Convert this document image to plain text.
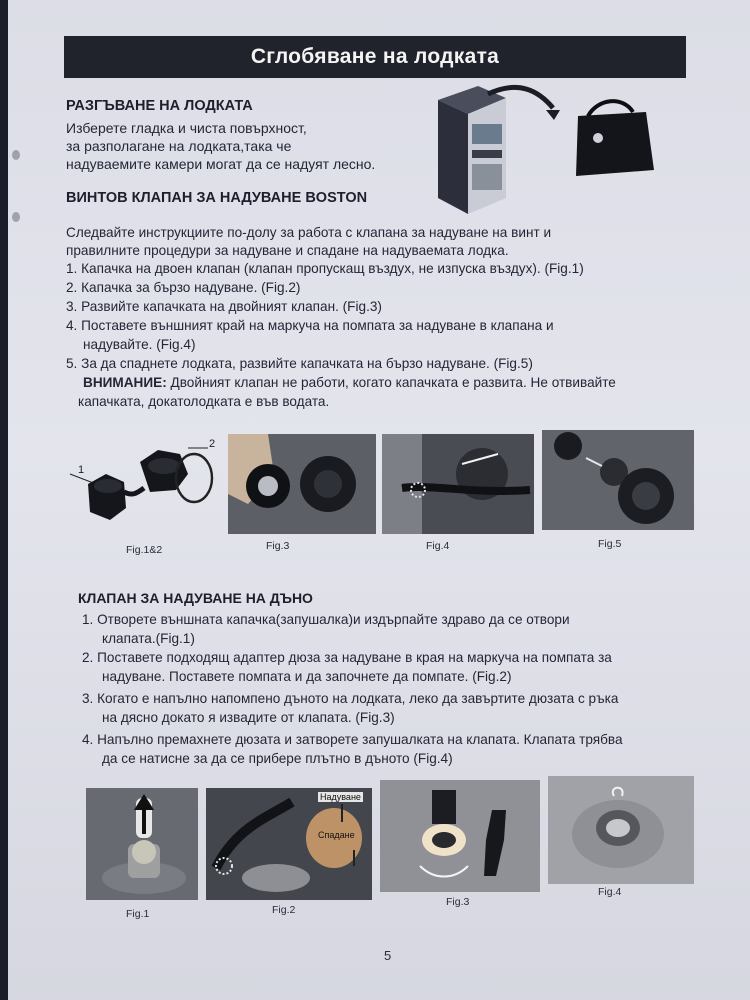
Сглобяване на лодката
РАЗГЪВАНЕ НА ЛОДКАТА
Изберете гладка и чиста повърхност,
за разполагане на лодката,така че
надуваемите камери могат да се надуят лесно.
ВИНТОВ КЛАПАН ЗА НАДУВАНЕ BOSTON
Следвайте инструкциите по-долу за работа с клапана за надуване на винт и
правилните процедури за надуване и спадане на надуваемата лодка.
1. Капачка на двоен клапан (клапан пропускащ въздух, не изпуска въздух). (Fig.1)
2. Капачка за бързо надуване. (Fig.2)
3. Развийте капачката на двойният клапан. (Fig.3)
4. Поставете външният край на маркуча на помпата за надуване в клапана и
надувайте. (Fig.4)
5. За да спаднете лодката, развийте капачката на бързо надуване. (Fig.5)
ВНИМАНИЕ: Двойният клапан не работи, когато капачката е развита. Не отвивайте
капачката, докатолодката е във водата.
1
2
Fig.1&2	Fig.3	Fig.4	Fig.5
КЛАПАН ЗА НАДУВАНЕ НА ДЪНО
1. Отворете външната капачка(запушалка)и издърпайте здраво да се отвори
клапата.(Fig.1)
2. Поставете подходящ адаптер дюза за надуване в края на маркуча на помпата за
надуване. Поставете помпата и да започнете да помпате. (Fig.2)
3. Когато е напълно напомпено дъното на лодката, леко да завъртите дюзата с ръка
на дясно докато я извадите от клапата. (Fig.3)
4. Напълно премахнете дюзата и затворете запушалката на клапата. Клапата трябва
да се натисне за да се прибере плътно в дъното (Fig.4)
Надуване
Спадане
Fig.1	Fig.2
Fig.3
Fig.4
5
